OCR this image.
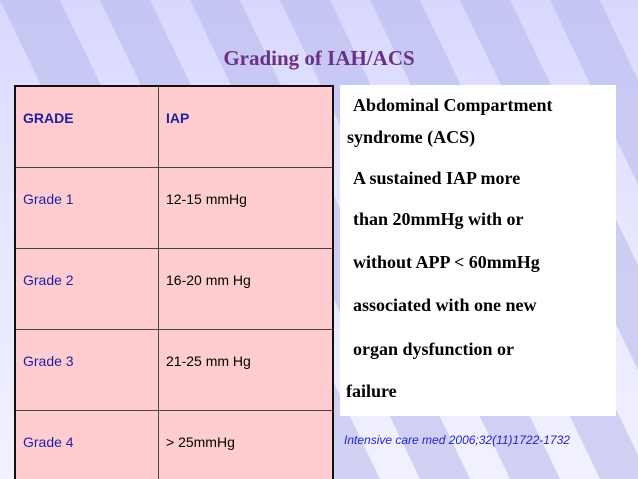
Grading of IAH/ACS
GRADE	IAP
Grade 1	12-15 mmHg
Grade 2	16-20 mm Hg
Grade 3	21-25 mm Hg
Grade 4	> 25mmHg
Abdominal Compartment
syndrome (ACS)
A sustained IAP more
than 20mmHg with or
without APP < 60mmHg
associated with one new
organ dysfunction or
failure
Intensive care med 2006;32(11)1722-1732
